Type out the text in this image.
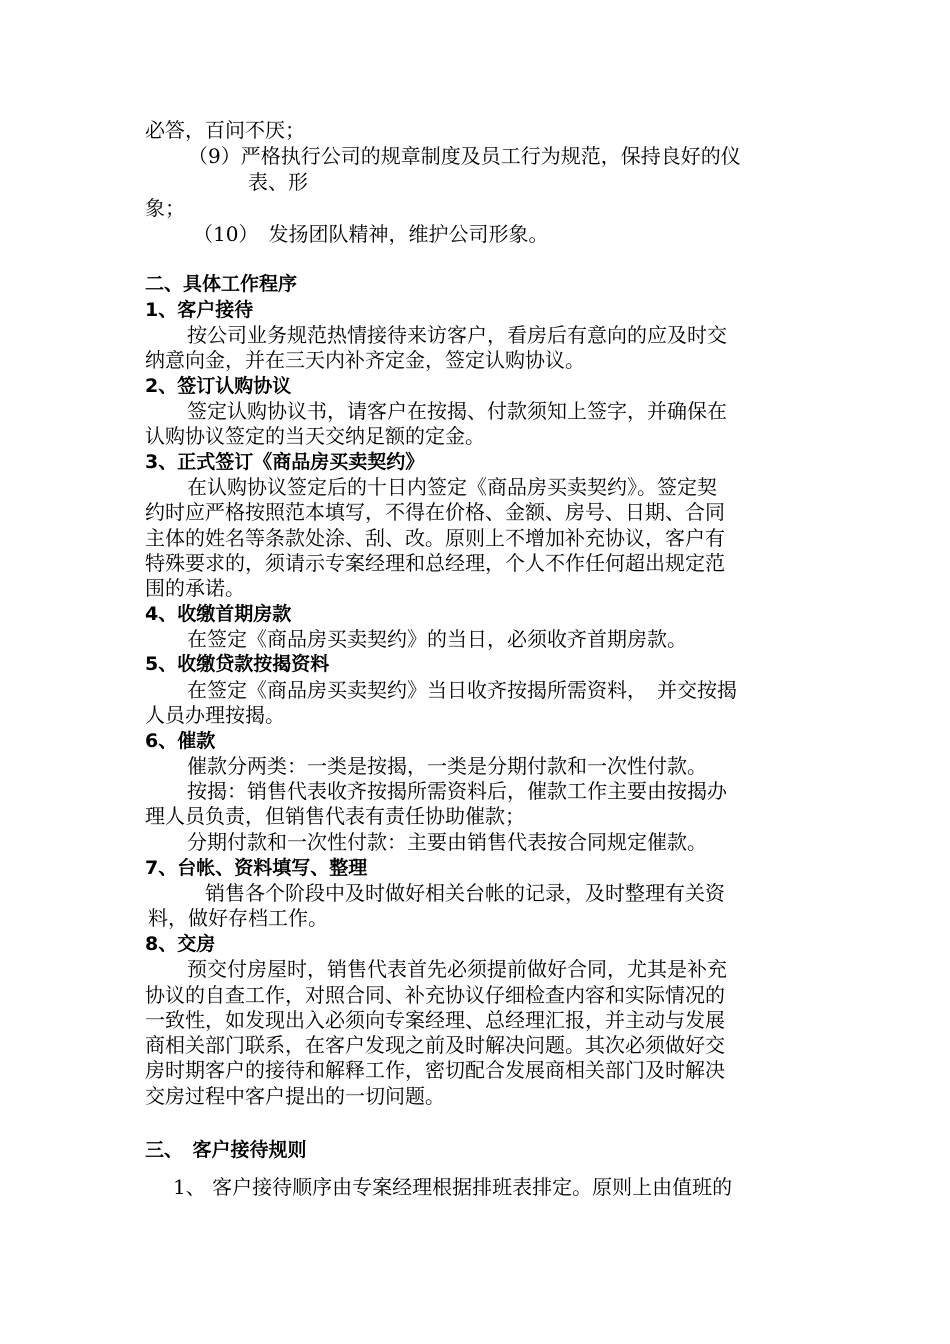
必答，百问不厌；
（9）严格执行公司的规章制度及员工行为规范，保持良好的仪
表、形
象；
（10）　发扬团队精神，维护公司形象。
二、具体工作程序
1、客户接待
按公司业务规范热情接待来访客户，看房后有意向的应及时交
纳意向金，并在三天内补齐定金，签定认购协议。
2、签订认购协议
签定认购协议书，请客户在按揭、付款须知上签字，并确保在
认购协议签定的当天交纳足额的定金。
3、正式签订《商品房买卖契约》
在认购协议签定后的十日内签定《商品房买卖契约》。签定契
约时应严格按照范本填写，不得在价格、金额、房号、日期、合同
主体的姓名等条款处涂、刮、改。原则上不增加补充协议，客户有
特殊要求的，须请示专案经理和总经理，个人不作任何超出规定范
围的承诺。
4、收缴首期房款
在签定《商品房买卖契约》的当日，必须收齐首期房款。
5、收缴贷款按揭资料
在签定《商品房买卖契约》当日收齐按揭所需资料，　并交按揭
人员办理按揭。
6、催款
催款分两类：一类是按揭，一类是分期付款和一次性付款。
按揭：销售代表收齐按揭所需资料后，催款工作主要由按揭办
理人员负责，但销售代表有责任协助催款；
分期付款和一次性付款：主要由销售代表按合同规定催款。
7、台帐、资料填写、整理
销售各个阶段中及时做好相关台帐的记录，及时整理有关资
料，做好存档工作。
8、交房
预交付房屋时，销售代表首先必须提前做好合同，尤其是补充
协议的自查工作，对照合同、补充协议仔细检查内容和实际情况的
一致性，如发现出入必须向专案经理、总经理汇报，并主动与发展
商相关部门联系，在客户发现之前及时解决问题。其次必须做好交
房时期客户的接待和解释工作，密切配合发展商相关部门及时解决
交房过程中客户提出的一切问题。
三、　客户接待规则
1、 客户接待顺序由专案经理根据排班表排定。原则上由值班的
